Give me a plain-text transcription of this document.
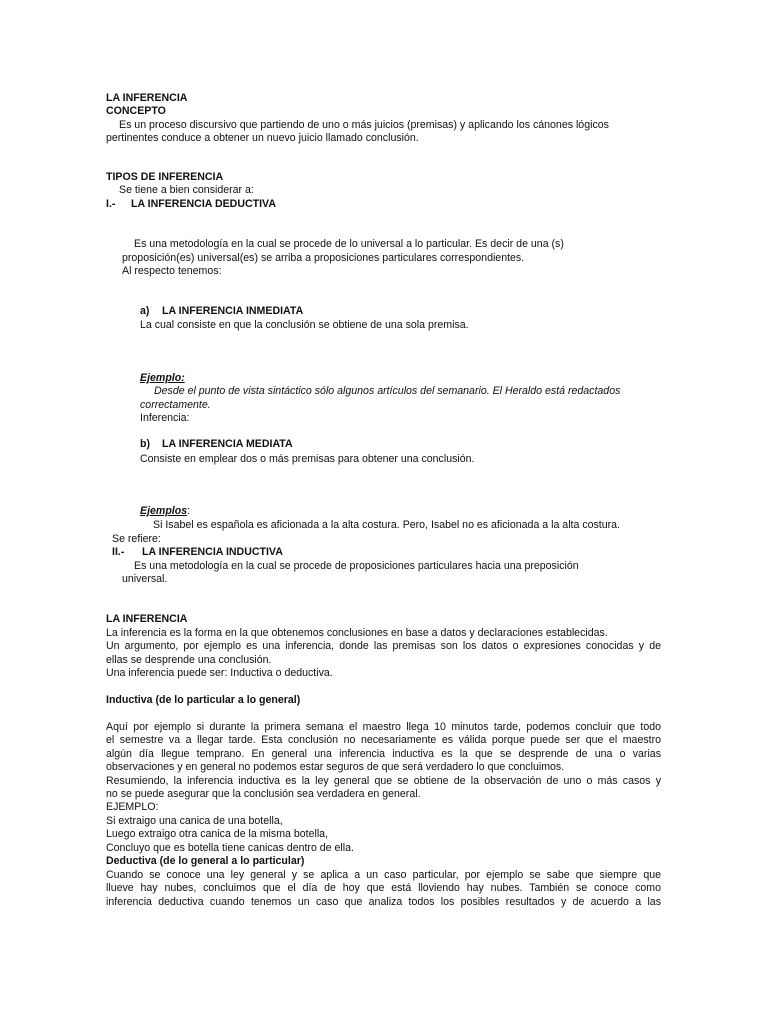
LA INFERENCIA
CONCEPTO
Es un proceso discursivo que partiendo de uno o más juicios (premisas) y aplicando los cánones lógicos
pertinentes conduce a obtener un nuevo juicio llamado conclusión.
TIPOS DE INFERENCIA
Se tiene a bien considerar a:
I.- LA INFERENCIA DEDUCTIVA
Es una metodología en la cual se procede de lo universal a lo particular. Es decir de una (s)
proposición(es) universal(es) se arriba a proposiciones particulares correspondientes.
Al respecto tenemos:
a) LA INFERENCIA INMEDIATA
La cual consiste en que la conclusión se obtiene de una sola premisa.
Ejemplo:
Desde el punto de vista sintáctico sólo algunos artículos del semanario. El Heraldo está redactados
correctamente.
Inferencia:
b) LA INFERENCIA MEDIATA
Consiste en emplear dos o más premisas para obtener una conclusión.
Ejemplos:
Si Isabel es española es aficionada a la alta costura. Pero, Isabel no es aficionada a la alta costura.
Se refiere:
II.- LA INFERENCIA INDUCTIVA
Es una metodología en la cual se procede de proposiciones particulares hacia una preposición
universal.
LA INFERENCIA
La inferencia es la forma en la que obtenemos conclusiones en base a datos y declaraciones establecidas.
Un argumento, por ejemplo es una inferencia, donde las premisas son los datos o expresiones conocidas y de
ellas se desprende una conclusión.
Una inferencia puede ser: Inductiva o deductiva.
Inductiva (de lo particular a lo general)
Aquí por ejemplo si durante la primera semana el maestro llega 10 minutos tarde, podemos concluir que todo
el semestre va a llegar tarde. Esta conclusión no necesariamente es válida porque puede ser que el maestro
algún día llegue temprano. En general una inferencia inductiva es la que se desprende de una o varias
observaciones y en general no podemos estar seguros de que será verdadero lo que concluimos.
Resumiendo, la inferencia inductiva es la ley general que se obtiene de la observación de uno o más casos y
no se puede asegurar que la conclusión sea verdadera en general.
EJEMPLO:
Si extraigo una canica de una botella,
Luego extraigo otra canica de la misma botella,
Concluyo que es botella tiene canicas dentro de ella.
Deductiva (de lo general a lo particular)
Cuando se conoce una ley general y se aplica a un caso particular, por ejemplo se sabe que siempre que
llueve hay nubes, concluimos que el día de hoy que está lloviendo hay nubes. También se conoce como
inferencia deductiva cuando tenemos un caso que analiza todos los posibles resultados y de acuerdo a las
